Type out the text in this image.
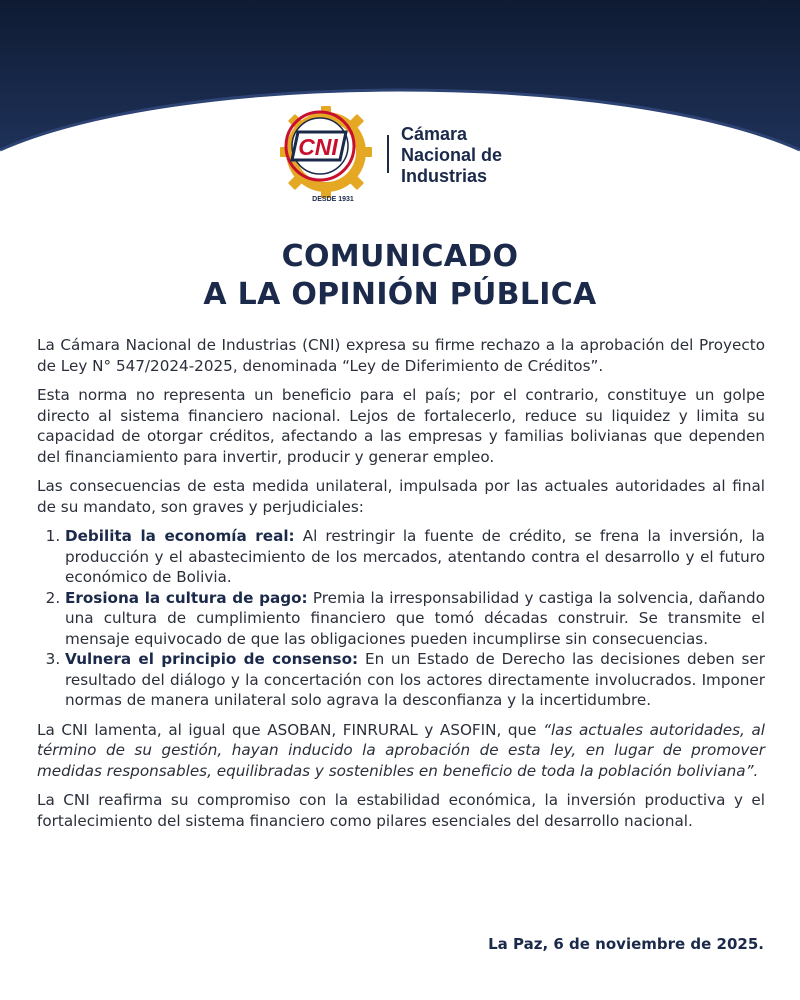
CNI
DESDE 1931
Cámara
Nacional de
Industrias
COMUNICADO
A LA OPINIÓN PÚBLICA

La Cámara Nacional de Industrias (CNI) expresa su firme rechazo a la aprobación del Proyecto de Ley N° 547/2024-2025, denominada “Ley de Diferimiento de Créditos”.

Esta norma no representa un beneficio para el país; por el contrario, constituye un golpe directo al sistema financiero nacional. Lejos de fortalecerlo, reduce su liquidez y limita su capacidad de otorgar créditos, afectando a las empresas y familias bolivianas que dependen del financiamiento para invertir, producir y generar empleo.

Las consecuencias de esta medida unilateral, impulsada por las actuales autoridades al final de su mandato, son graves y perjudiciales:

1. Debilita la economía real: Al restringir la fuente de crédito, se frena la inversión, la producción y el abastecimiento de los mercados, atentando contra el desarrollo y el futuro económico de Bolivia.
2. Erosiona la cultura de pago: Premia la irresponsabilidad y castiga la solvencia, dañando una cultura de cumplimiento financiero que tomó décadas construir. Se transmite el mensaje equivocado de que las obligaciones pueden incumplirse sin consecuencias.
3. Vulnera el principio de consenso: En un Estado de Derecho las decisiones deben ser resultado del diálogo y la concertación con los actores directamente involucrados. Imponer normas de manera unilateral solo agrava la desconfianza y la incertidumbre.

La CNI lamenta, al igual que ASOBAN, FINRURAL y ASOFIN, que “las actuales autoridades, al término de su gestión, hayan inducido la aprobación de esta ley, en lugar de promover medidas responsables, equilibradas y sostenibles en beneficio de toda la población boliviana”.

La CNI reafirma su compromiso con la estabilidad económica, la inversión productiva y el fortalecimiento del sistema financiero como pilares esenciales del desarrollo nacional.

La Paz, 6 de noviembre de 2025.
